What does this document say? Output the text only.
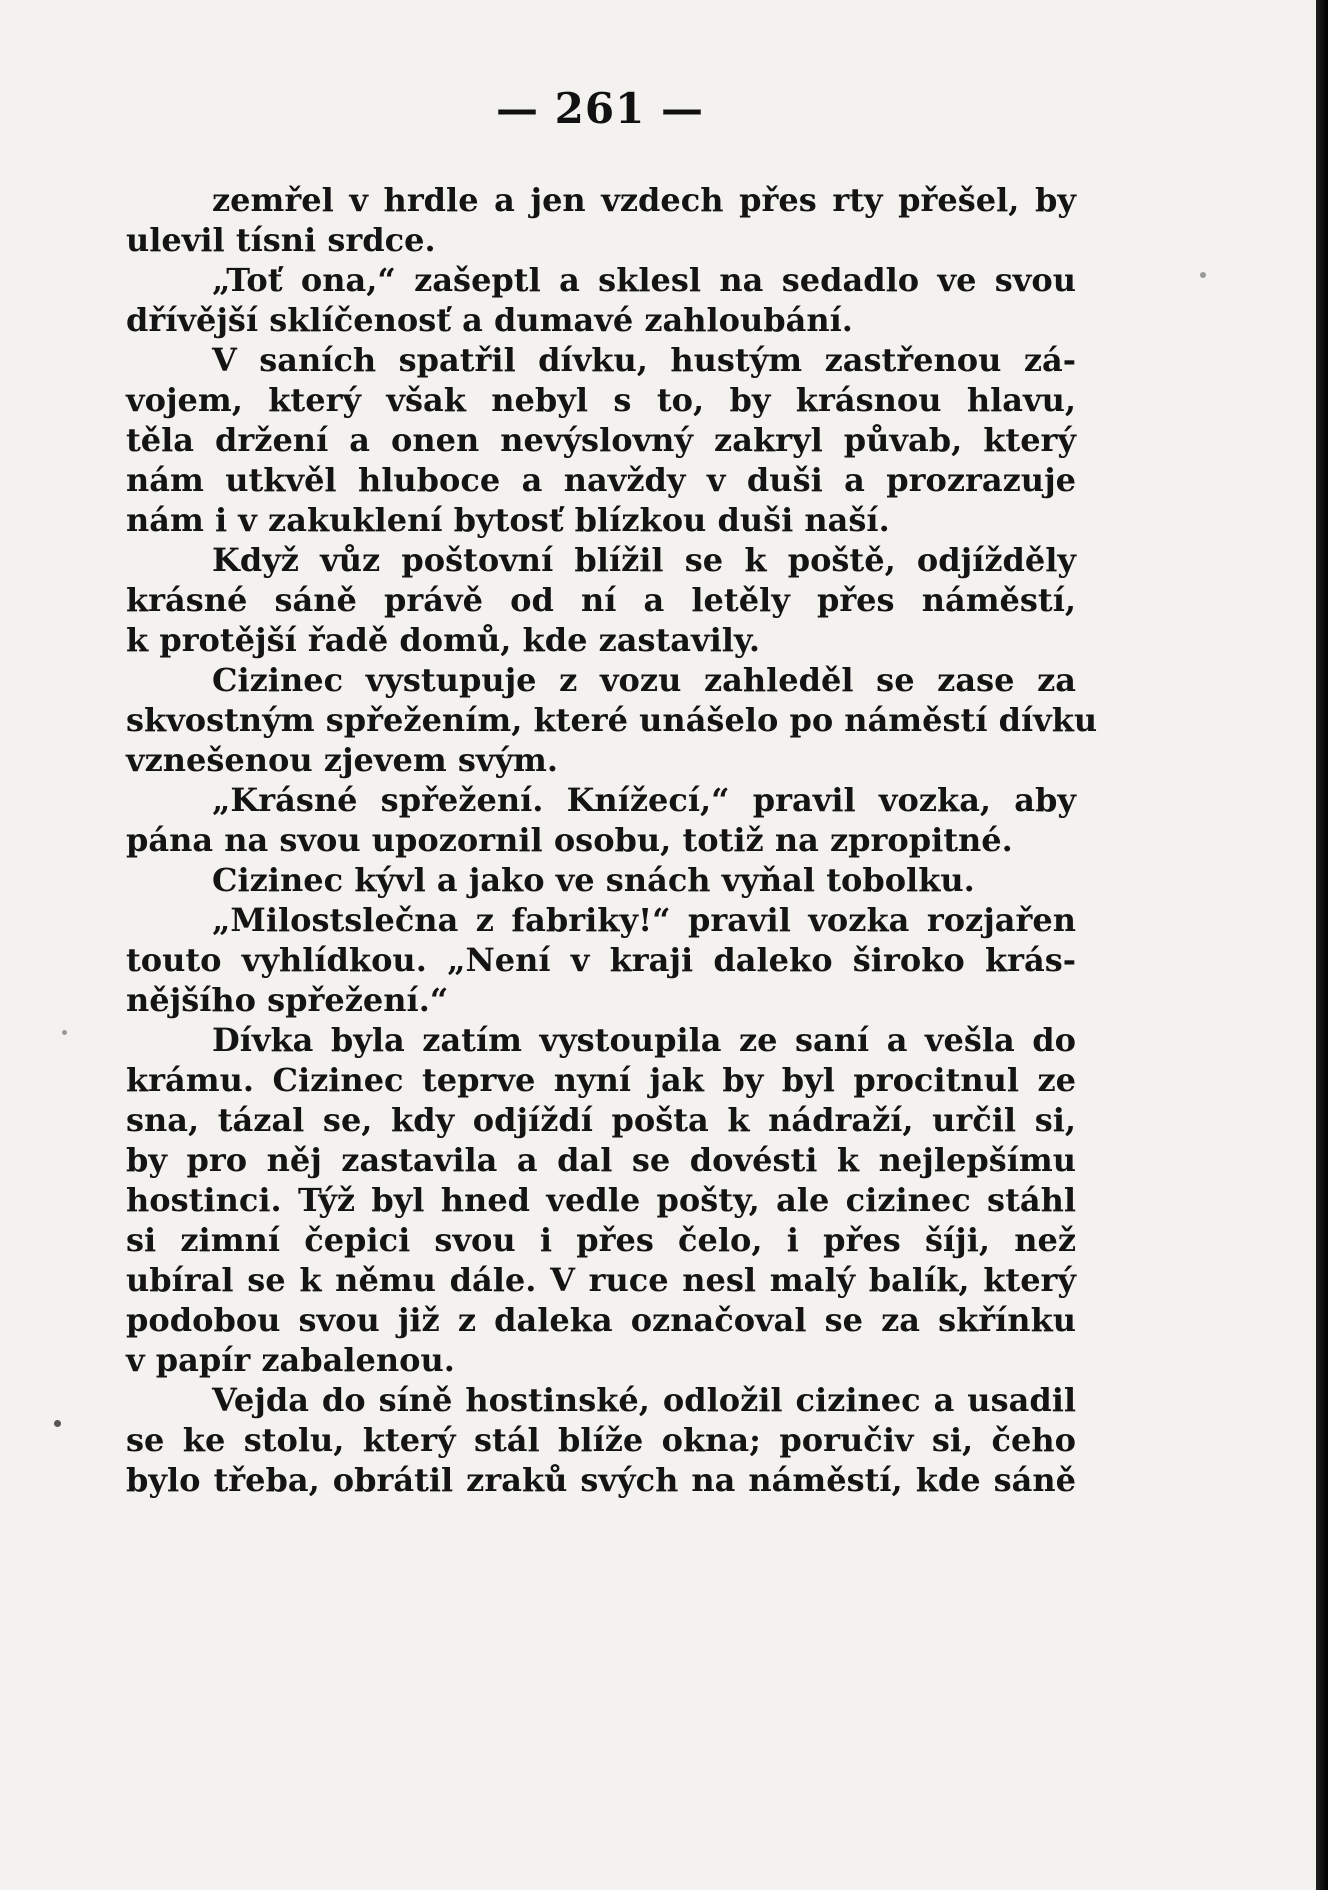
— 261 —
zemřel v hrdle a jen vzdech přes rty přešel, by
ulevil tísni srdce.
„Toť ona,“ zašeptl a sklesl na sedadlo ve svou
dřívější sklíčenosť a dumavé zahloubání.
V saních spatřil dívku, hustým zastřenou zá-
vojem, který však nebyl s to, by krásnou hlavu,
těla držení a onen nevýslovný zakryl půvab, který
nám utkvěl hluboce a navždy v duši a prozrazuje
nám i v zakuklení bytosť blízkou duši naší.
Když vůz poštovní blížil se k poště, odjížděly
krásné sáně právě od ní a letěly přes náměstí,
k protější řadě domů, kde zastavily.
Cizinec vystupuje z vozu zahleděl se zase za
skvostným spřežením, které unášelo po náměstí dívku
vznešenou zjevem svým.
„Krásné spřežení. Knížecí,“ pravil vozka, aby
pána na svou upozornil osobu, totiž na zpropitné.
Cizinec kývl a jako ve snách vyňal tobolku.
„Milostslečna z fabriky!“ pravil vozka rozjařen
touto vyhlídkou. „Není v kraji daleko široko krás-
nějšího spřežení.“
Dívka byla zatím vystoupila ze saní a vešla do
krámu. Cizinec teprve nyní jak by byl procitnul ze
sna, tázal se, kdy odjíždí pošta k nádraží, určil si,
by pro něj zastavila a dal se dovésti k nejlepšímu
hostinci. Týž byl hned vedle pošty, ale cizinec stáhl
si zimní čepici svou i přes čelo, i přes šíji, než
ubíral se k němu dále. V ruce nesl malý balík, který
podobou svou již z daleka označoval se za skřínku
v papír zabalenou.
Vejda do síně hostinské, odložil cizinec a usadil
se ke stolu, který stál blíže okna; poručiv si, čeho
bylo třeba, obrátil zraků svých na náměstí, kde sáně
